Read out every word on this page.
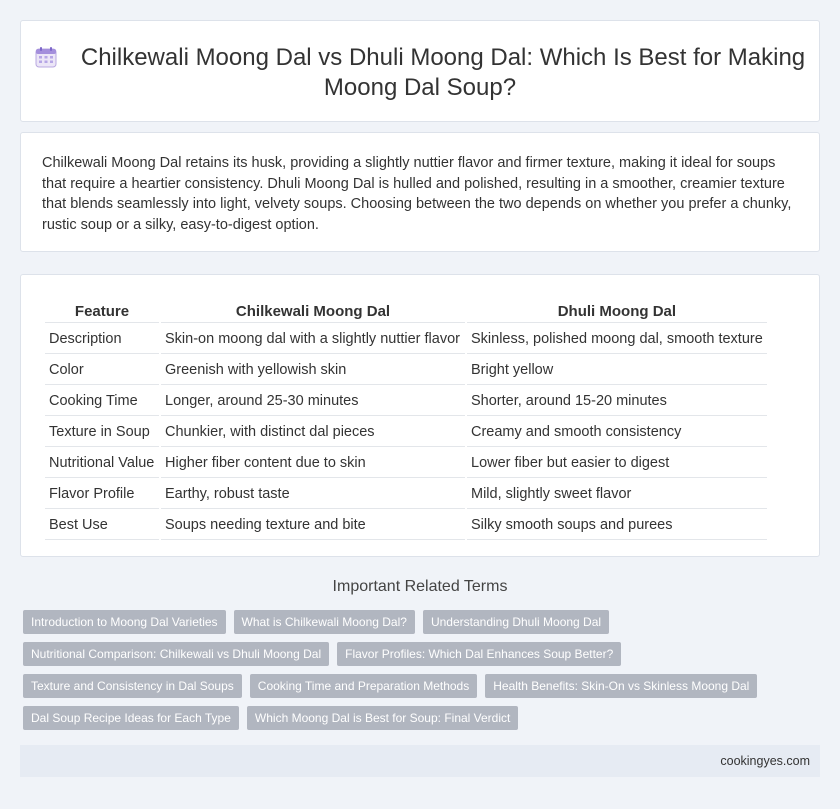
Chilkewali Moong Dal vs Dhuli Moong Dal: Which Is Best for Making Moong Dal Soup?

Chilkewali Moong Dal retains its husk, providing a slightly nuttier flavor and firmer texture, making it ideal for soups that require a heartier consistency. Dhuli Moong Dal is hulled and polished, resulting in a smoother, creamier texture that blends seamlessly into light, velvety soups. Choosing between the two depends on whether you prefer a chunky, rustic soup or a silky, easy-to-digest option.

Feature	Chilkewali Moong Dal	Dhuli Moong Dal
Description	Skin-on moong dal with a slightly nuttier flavor	Skinless, polished moong dal, smooth texture
Color	Greenish with yellowish skin	Bright yellow
Cooking Time	Longer, around 25-30 minutes	Shorter, around 15-20 minutes
Texture in Soup	Chunkier, with distinct dal pieces	Creamy and smooth consistency
Nutritional Value	Higher fiber content due to skin	Lower fiber but easier to digest
Flavor Profile	Earthy, robust taste	Mild, slightly sweet flavor
Best Use	Soups needing texture and bite	Silky smooth soups and purees
Important Related Terms
Introduction to Moong Dal Varieties	What is Chilkewali Moong Dal?	Understanding Dhuli Moong Dal
Nutritional Comparison: Chilkewali vs Dhuli Moong Dal	Flavor Profiles: Which Dal Enhances Soup Better?
Texture and Consistency in Dal Soups	Cooking Time and Preparation Methods	Health Benefits: Skin-On vs Skinless Moong Dal
Dal Soup Recipe Ideas for Each Type	Which Moong Dal is Best for Soup: Final Verdict
cookingyes.com
